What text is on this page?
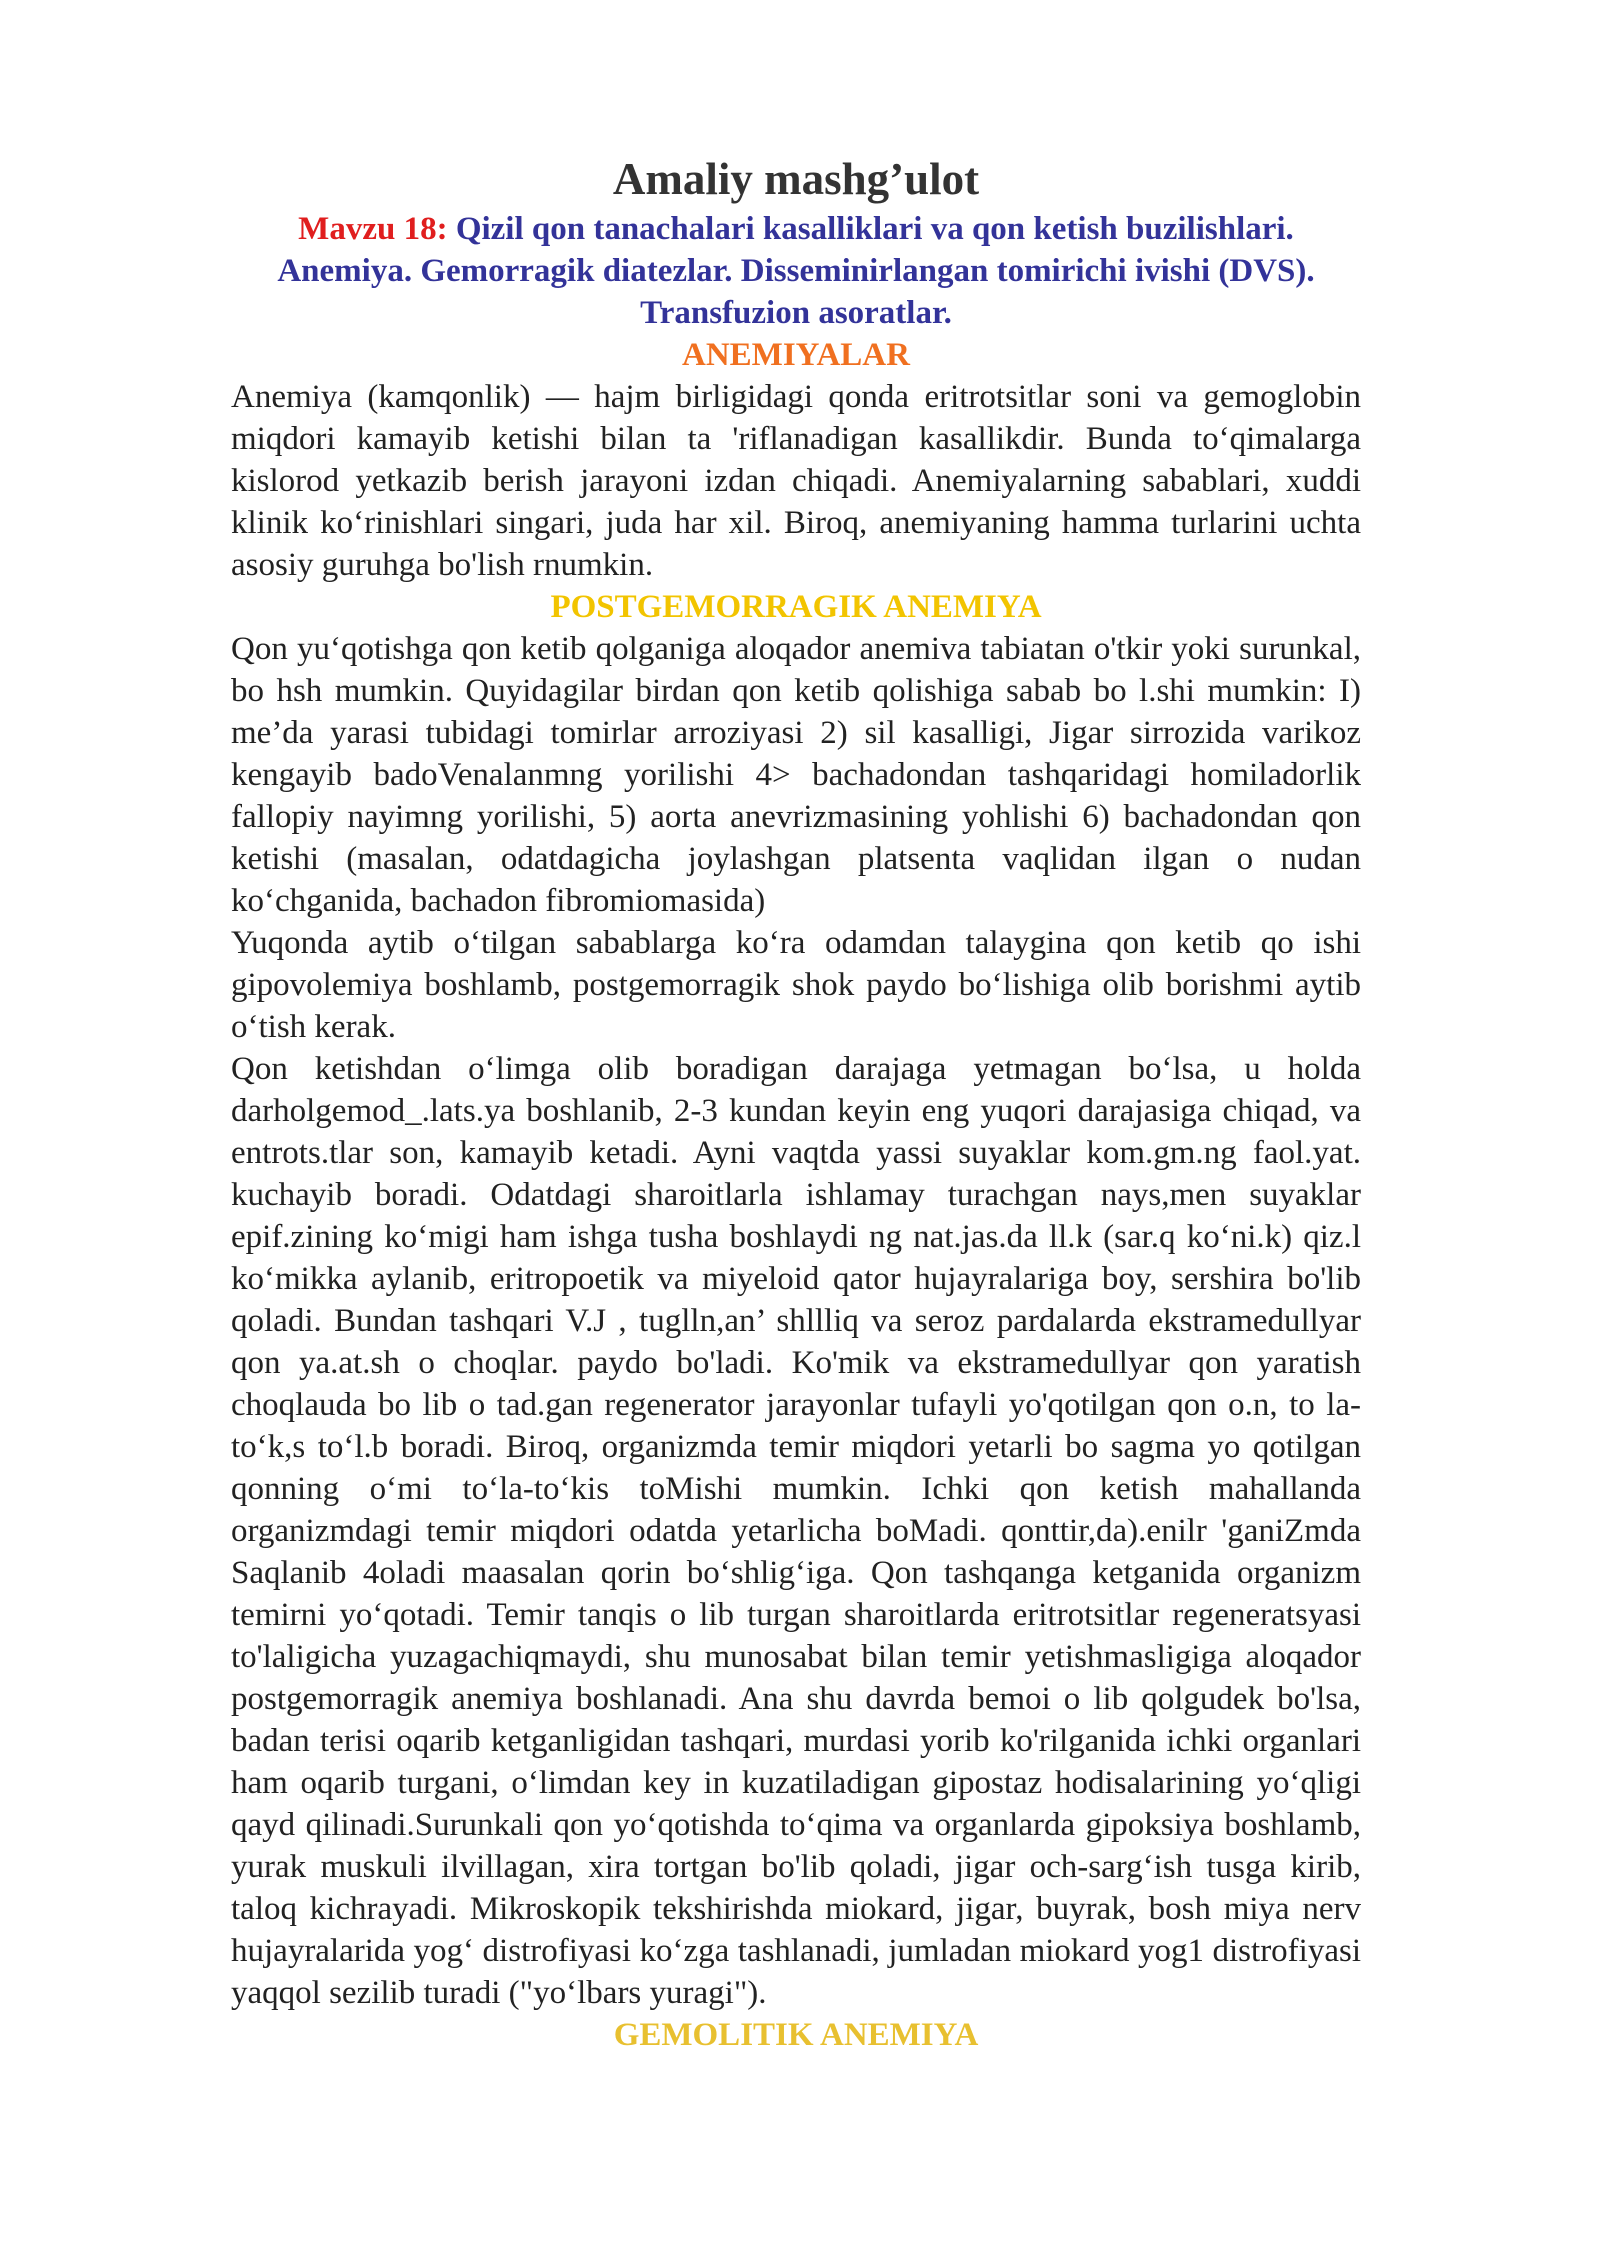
Amaliy mashg’ulot

Mavzu 18: Qizil qon tanachalari kasalliklari va qon ketish buzilishlari. Anemiya. Gemorragik diatezlar. Disseminirlangan tomirichi ivishi (DVS). Transfuzion asoratlar.

ANEMIYALAR

Anemiya (kamqonlik) — hajm birligidagi qonda eritrotsitlar soni va gemoglobin miqdori kamayib ketishi bilan ta 'riflanadigan kasallikdir. Bunda to‘qimalarga kislorod yetkazib berish jarayoni izdan chiqadi. Anemiyalarning sabablari, xuddi klinik ko‘rinishlari singari, juda har xil. Biroq, anemiyaning hamma turlarini uchta asosiy guruhga bo'lish rnumkin.

POSTGEMORRAGIK ANEMIYA

Qon yu‘qotishga qon ketib qolganiga aloqador anemiva tabiatan o'tkir yoki surunkal, bo hsh mumkin. Quyidagilar birdan qon ketib qolishiga sabab bo l.shi mumkin: I) me’da yarasi tubidagi tomirlar arroziyasi 2) sil kasalligi, Jigar sirrozida varikoz kengayib badoVenalanmng yorilishi 4> bachadondan tashqaridagi homiladorlik fallopiy nayimng yorilishi, 5) aorta anevrizmasining yohlishi 6) bachadondan qon ketishi (masalan, odatdagicha joylashgan platsenta vaqlidan ilgan o nudan ko‘chganida, bachadon fibromiomasida)

Yuqonda aytib o‘tilgan sabablarga ko‘ra odamdan talaygina qon ketib qo ishi gipovolemiya boshlamb, postgemorragik shok paydo bo‘lishiga olib borishmi aytib o‘tish kerak.

Qon ketishdan o‘limga olib boradigan darajaga yetmagan bo‘lsa, u holda darholgemod_.lats.ya boshlanib, 2-3 kundan keyin eng yuqori darajasiga chiqad, va entrots.tlar son, kamayib ketadi. Ayni vaqtda yassi suyaklar kom.gm.ng faol.yat. kuchayib boradi. Odatdagi sharoitlarla ishlamay turachgan nays,men suyaklar epif.zining ko‘migi ham ishga tusha boshlaydi ng nat.jas.da ll.k (sar.q ko‘ni.k) qiz.l ko‘mikka aylanib, eritropoetik va miyeloid qator hujayralariga boy, sershira bo'lib qoladi. Bundan tashqari V.J , tuglln,an’ shllliq va seroz pardalarda ekstramedullyar qon ya.at.sh o choqlar. paydo bo'ladi. Ko'mik va ekstramedullyar qon yaratish choqlauda bo lib o tad.gan regenerator jarayonlar tufayli yo'qotilgan qon o.n, to la-to‘k,s to‘l.b boradi. Biroq, organizmda temir miqdori yetarli bo sagma yo qotilgan qonning o‘mi to‘la-to‘kis toMishi mumkin. Ichki qon ketish mahallanda organizmdagi temir miqdori odatda yetarlicha boMadi. qonttir,da).enilr 'ganiZmda Saqlanib 4oladi maasalan qorin bo‘shlig‘iga. Qon tashqanga ketganida organizm temirni yo‘qotadi. Temir tanqis o lib turgan sharoitlarda eritrotsitlar regeneratsyasi to'laligicha yuzagachiqmaydi, shu munosabat bilan temir yetishmasligiga aloqador postgemorragik anemiya boshlanadi. Ana shu davrda bemoi o lib qolgudek bo'lsa, badan terisi oqarib ketganligidan tashqari, murdasi yorib ko'rilganida ichki organlari ham oqarib turgani, o‘limdan key in kuzatiladigan gipostaz hodisalarining yo‘qligi qayd qilinadi.Surunkali qon yo‘qotishda to‘qima va organlarda gipoksiya boshlamb, yurak muskuli ilvillagan, xira tortgan bo'lib qoladi, jigar och-sarg‘ish tusga kirib, taloq kichrayadi. Mikroskopik tekshirishda miokard, jigar, buyrak, bosh miya nerv hujayralarida yog‘ distrofiyasi ko‘zga tashlanadi, jumladan miokard yog1 distrofiyasi yaqqol sezilib turadi ("yo‘lbars yuragi").

GEMOLITIK ANEMIYA
